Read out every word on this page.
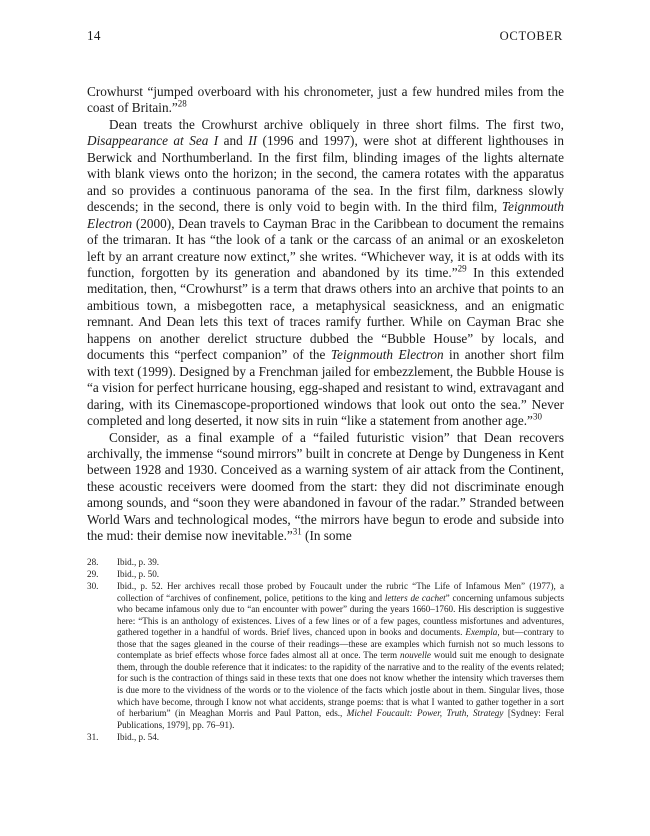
14	OCTOBER

Crowhurst “jumped overboard with his chronometer, just a few hundred miles from the coast of Britain.”$^{28}$

Dean treats the Crowhurst archive obliquely in three short films. The first two, Disappearance at Sea I and II (1996 and 1997), were shot at different lighthouses in Berwick and Northumberland. In the first film, blinding images of the lights alternate with blank views onto the horizon; in the second, the camera rotates with the apparatus and so provides a continuous panorama of the sea. In the first film, darkness slowly descends; in the second, there is only void to begin with. In the third film, Teignmouth Electron (2000), Dean travels to Cayman Brac in the Caribbean to document the remains of the trimaran. It has “the look of a tank or the carcass of an animal or an exoskeleton left by an arrant creature now extinct,” she writes. “Whichever way, it is at odds with its function, forgotten by its generation and abandoned by its time.”$^{29}$ In this extended meditation, then, “Crowhurst” is a term that draws others into an archive that points to an ambitious town, a misbegotten race, a metaphysical seasickness, and an enigmatic remnant. And Dean lets this text of traces ramify further. While on Cayman Brac she happens on another derelict structure dubbed the “Bubble House” by locals, and documents this “perfect companion” of the Teignmouth Electron in another short film with text (1999). Designed by a Frenchman jailed for embezzlement, the Bubble House is “a vision for perfect hurricane housing, egg-shaped and resistant to wind, extravagant and daring, with its Cinemascope-proportioned windows that look out onto the sea.” Never completed and long deserted, it now sits in ruin “like a statement from another age.”$^{30}$

Consider, as a final example of a “failed futuristic vision” that Dean recovers archivally, the immense “sound mirrors” built in concrete at Denge by Dungeness in Kent between 1928 and 1930. Conceived as a warning system of air attack from the Continent, these acoustic receivers were doomed from the start: they did not discriminate enough among sounds, and “soon they were abandoned in favour of the radar.” Stranded between World Wars and technological modes, “the mirrors have begun to erode and subside into the mud: their demise now inevitable.”$^{31}$ (In some

28.	Ibid., p. 39.
29.	Ibid., p. 50.
30.	Ibid., p. 52. Her archives recall those probed by Foucault under the rubric “The Life of Infamous Men” (1977), a collection of “archives of confinement, police, petitions to the king and letters de cachet” concerning unfamous subjects who became infamous only due to “an encounter with power” during the years 1660–1760. His description is suggestive here: “This is an anthology of existences. Lives of a few lines or of a few pages, countless misfortunes and adventures, gathered together in a handful of words. Brief lives, chanced upon in books and documents. Exempla, but—contrary to those that the sages gleaned in the course of their readings—these are examples which furnish not so much lessons to contemplate as brief effects whose force fades almost all at once. The term nouvelle would suit me enough to designate them, through the double reference that it indicates: to the rapidity of the narrative and to the reality of the events related; for such is the contraction of things said in these texts that one does not know whether the intensity which traverses them is due more to the vividness of the words or to the violence of the facts which jostle about in them. Singular lives, those which have become, through I know not what accidents, strange poems: that is what I wanted to gather together in a sort of herbarium” (in Meaghan Morris and Paul Patton, eds., Michel Foucault: Power, Truth, Strategy [Sydney: Feral Publications, 1979], pp. 76–91).
31.	Ibid., p. 54.
